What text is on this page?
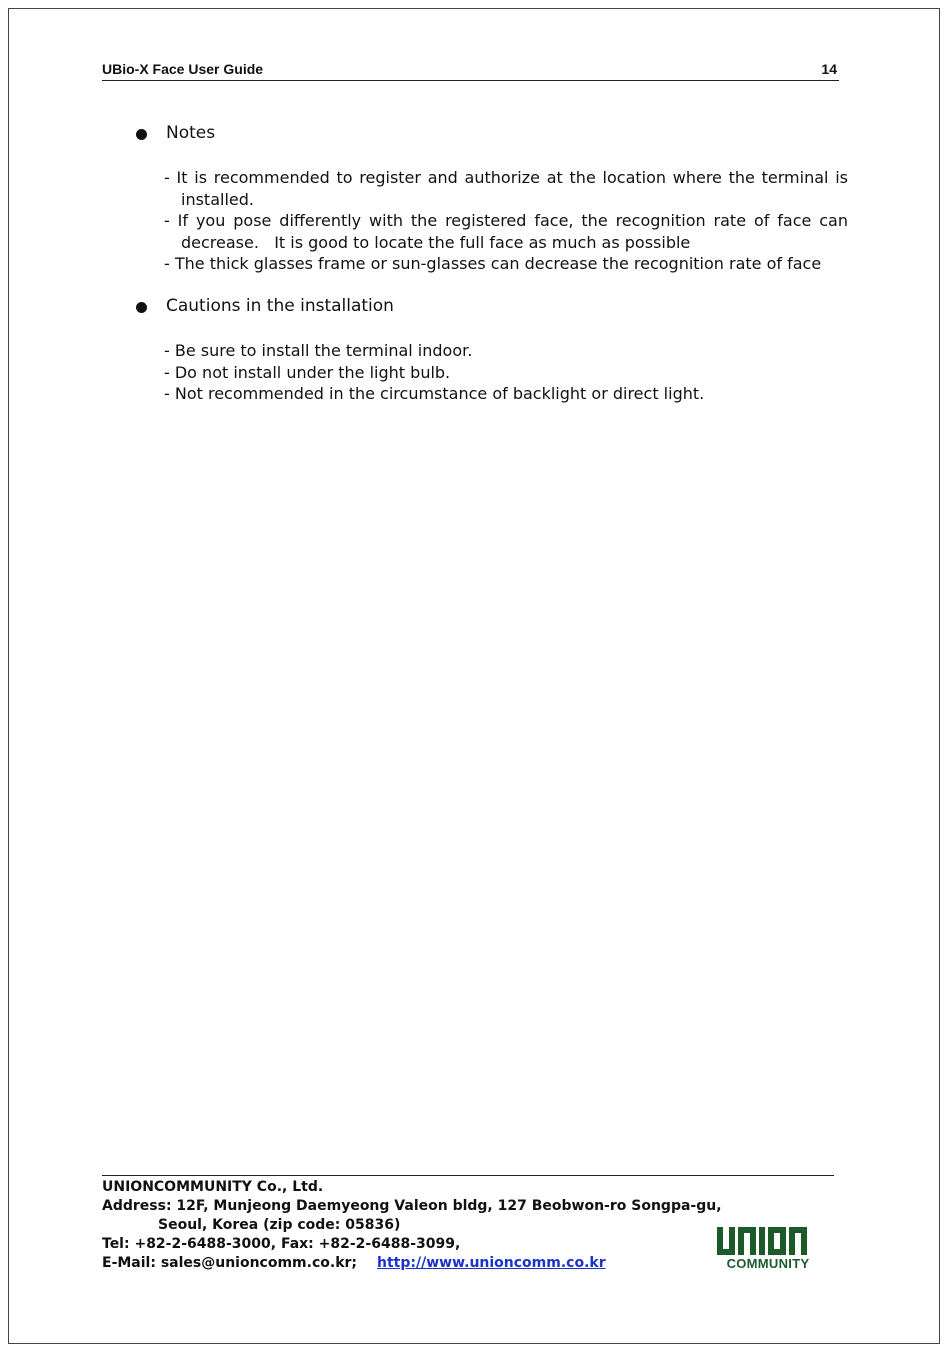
UBio-X Face User Guide	14
Notes

- It is recommended to register and authorize at the location where the terminal is
installed.

- If you pose differently with the registered face, the recognition rate of face can
decrease.   It is good to locate the full face as much as possible

- The thick glasses frame or sun-glasses can decrease the recognition rate of face

Cautions in the installation

- Be sure to install the terminal indoor.

- Do not install under the light bulb.

- Not recommended in the circumstance of backlight or direct light.

UNIONCOMMUNITY Co., Ltd.
Address: 12F, Munjeong Daemyeong Valeon bldg, 127 Beobwon-ro Songpa-gu,
Seoul, Korea (zip code: 05836)
Tel: +82-2-6488-3000, Fax: +82-2-6488-3099,
E-Mail: sales@unioncomm.co.kr; http://www.unioncomm.co.kr	COMMUNITY
